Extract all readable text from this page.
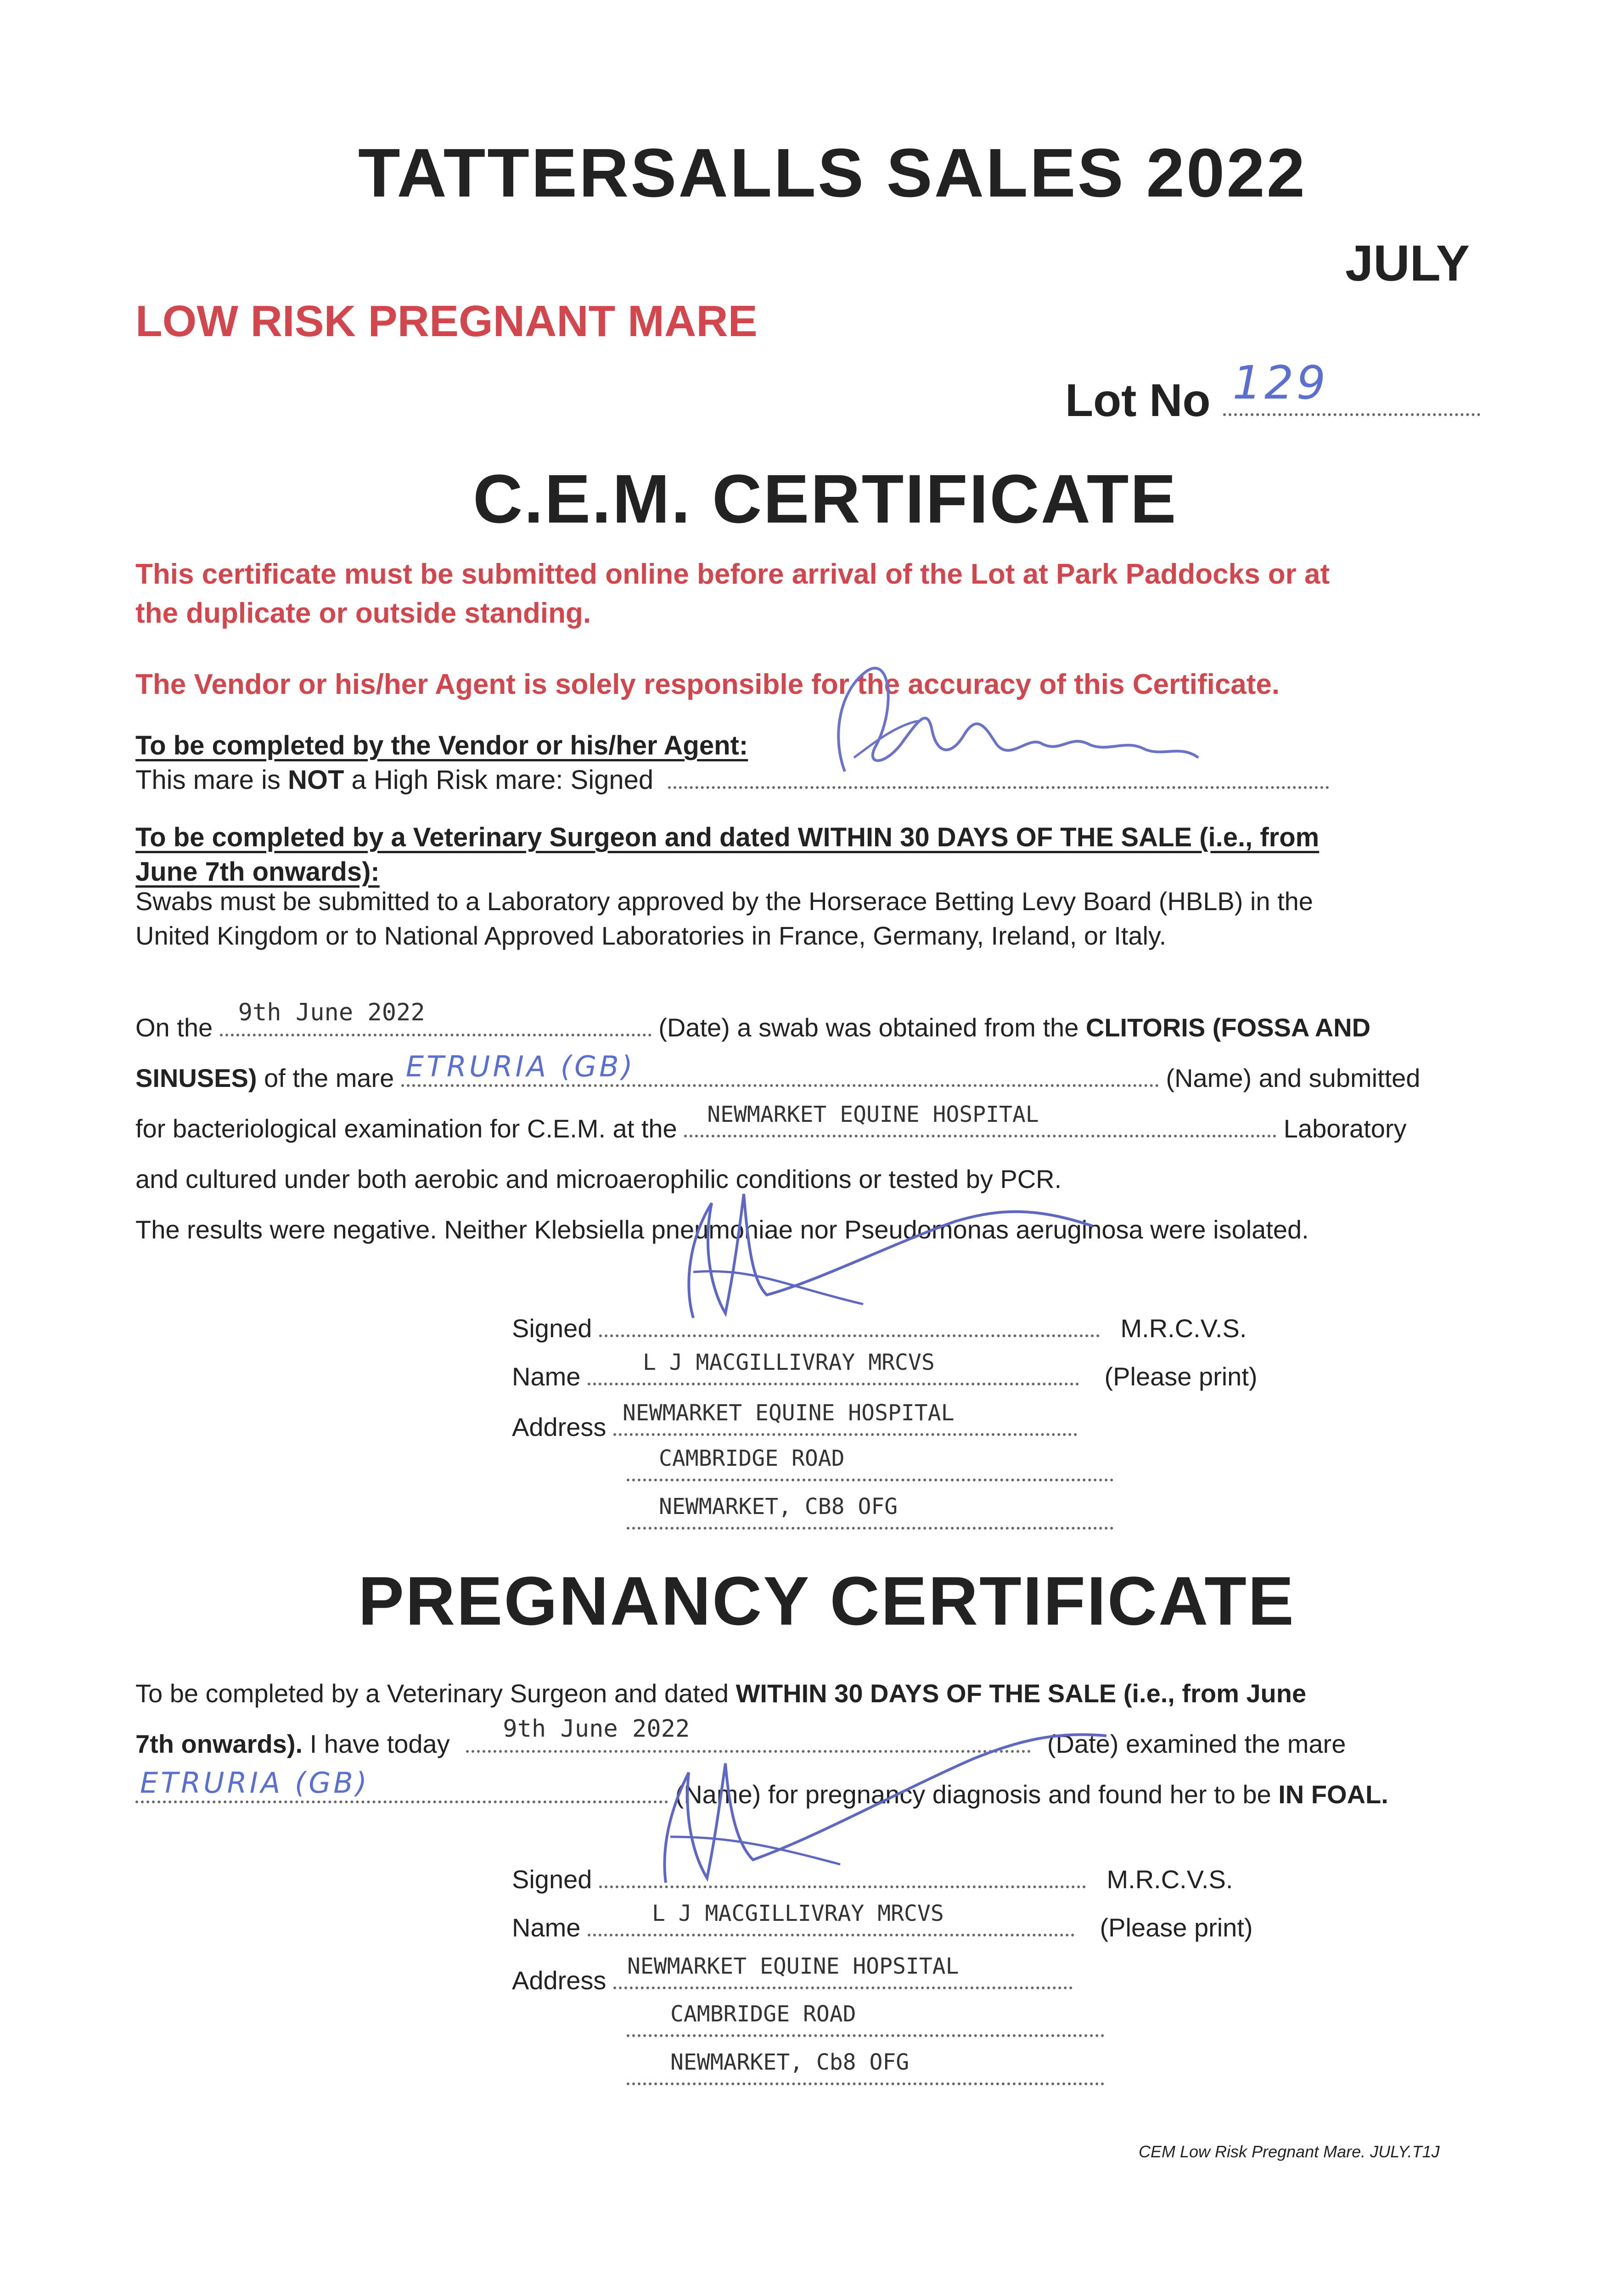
TATTERSALLS SALES 2022
JULY
LOW RISK PREGNANT MARE
Lot No 129
C.E.M. CERTIFICATE
This certificate must be submitted online before arrival of the Lot at Park Paddocks or at
the duplicate or outside standing.
The Vendor or his/her Agent is solely responsible for the accuracy of this Certificate.
To be completed by the Vendor or his/her Agent:
This mare is NOT a High Risk mare: Signed
To be completed by a Veterinary Surgeon and dated WITHIN 30 DAYS OF THE SALE (i.e., from
June 7th onwards):
Swabs must be submitted to a Laboratory approved by the Horserace Betting Levy Board (HBLB) in the
United Kingdom or to National Approved Laboratories in France, Germany, Ireland, or Italy.
On the
9th June 2022
(Date) a swab was obtained from the CLITORIS (FOSSA AND
SINUSES) of the mare ETRURIA (GB)	(Name) and submitted
for bacteriological examination for C.E.M. at the NEWMARKET EQUINE HOSPITAL	Laboratory
and cultured under both aerobic and microaerophilic conditions or tested by PCR.
The results were negative. Neither Klebsiella pneumoniae nor Pseudomonas aeruginosa were isolated.
Signed	M.R.C.V.S.
Name	L J MACGILLIVRAY MRCVS	(Please print)
Address NEWMARKET EQUINE HOSPITAL
CAMBRIDGE ROAD
NEWMARKET, CB8 OFG
PREGNANCY CERTIFICATE
To be completed by a Veterinary Surgeon and dated WITHIN 30 DAYS OF THE SALE (i.e., from June
7th onwards). I have today
9th June 2022
(Date) examined the mare
ETRURIA (GB)	(Name) for pregnancy diagnosis and found her to be IN FOAL.
Signed	M.R.C.V.S.
Name	L J MACGILLIVRAY MRCVS	(Please print)
Address NEWMARKET EQUINE HOPSITAL
CAMBRIDGE ROAD
NEWMARKET, Cb8 OFG
CEM Low Risk Pregnant Mare. JULY.T1J
